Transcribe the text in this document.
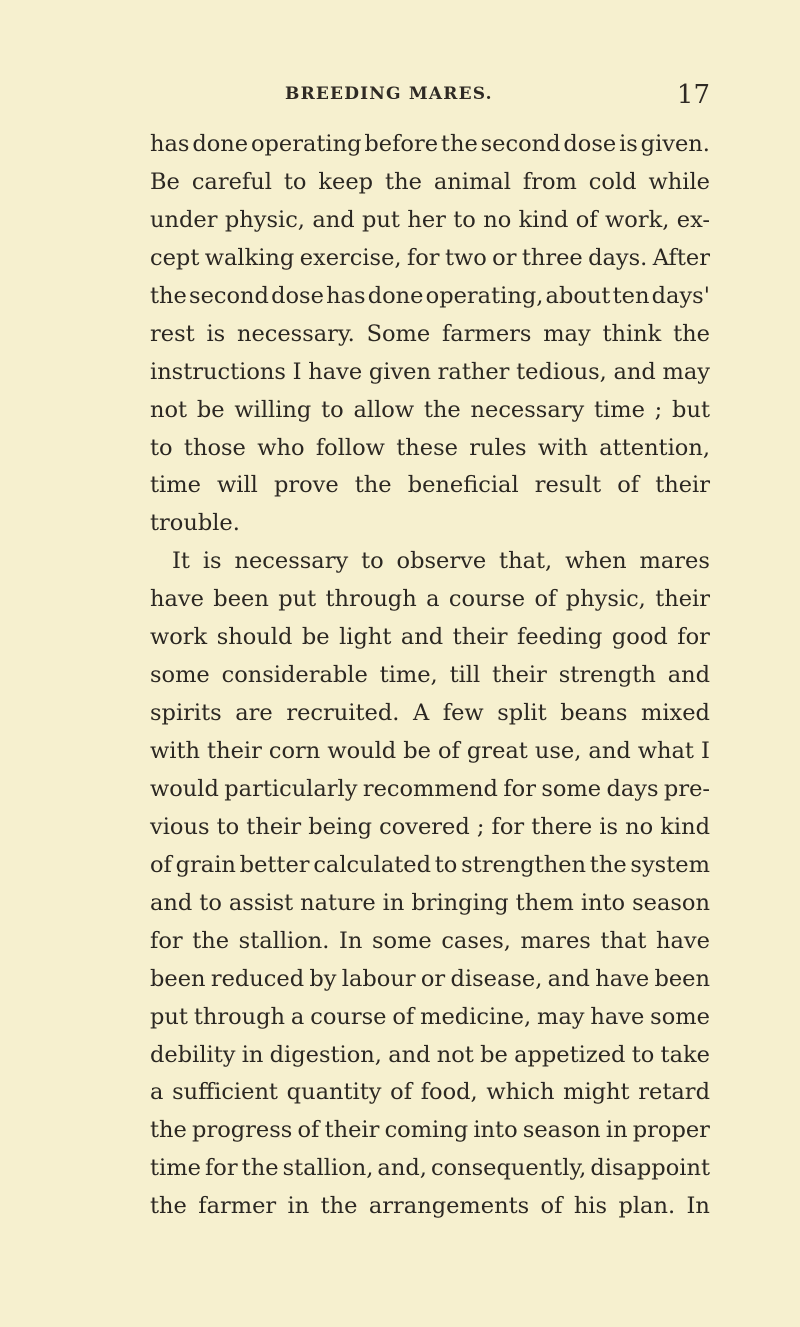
BREEDING MARES.	17
has done operating before the second dose is given.
Be careful to keep the animal from cold while
under physic, and put her to no kind of work, ex-
cept walking exercise, for two or three days. After
the second dose has done operating, about ten days'
rest is necessary. Some farmers may think the
instructions I have given rather tedious, and may
not be willing to allow the necessary time ; but
to those who follow these rules with attention,
time will prove the beneficial result of their
trouble.
It is necessary to observe that, when mares
have been put through a course of physic, their
work should be light and their feeding good for
some considerable time, till their strength and
spirits are recruited. A few split beans mixed
with their corn would be of great use, and what I
would particularly recommend for some days pre-
vious to their being covered ; for there is no kind
of grain better calculated to strengthen the system
and to assist nature in bringing them into season
for the stallion. In some cases, mares that have
been reduced by labour or disease, and have been
put through a course of medicine, may have some
debility in digestion, and not be appetized to take
a sufficient quantity of food, which might retard
the progress of their coming into season in proper
time for the stallion, and, consequently, disappoint
the farmer in the arrangements of his plan. In
